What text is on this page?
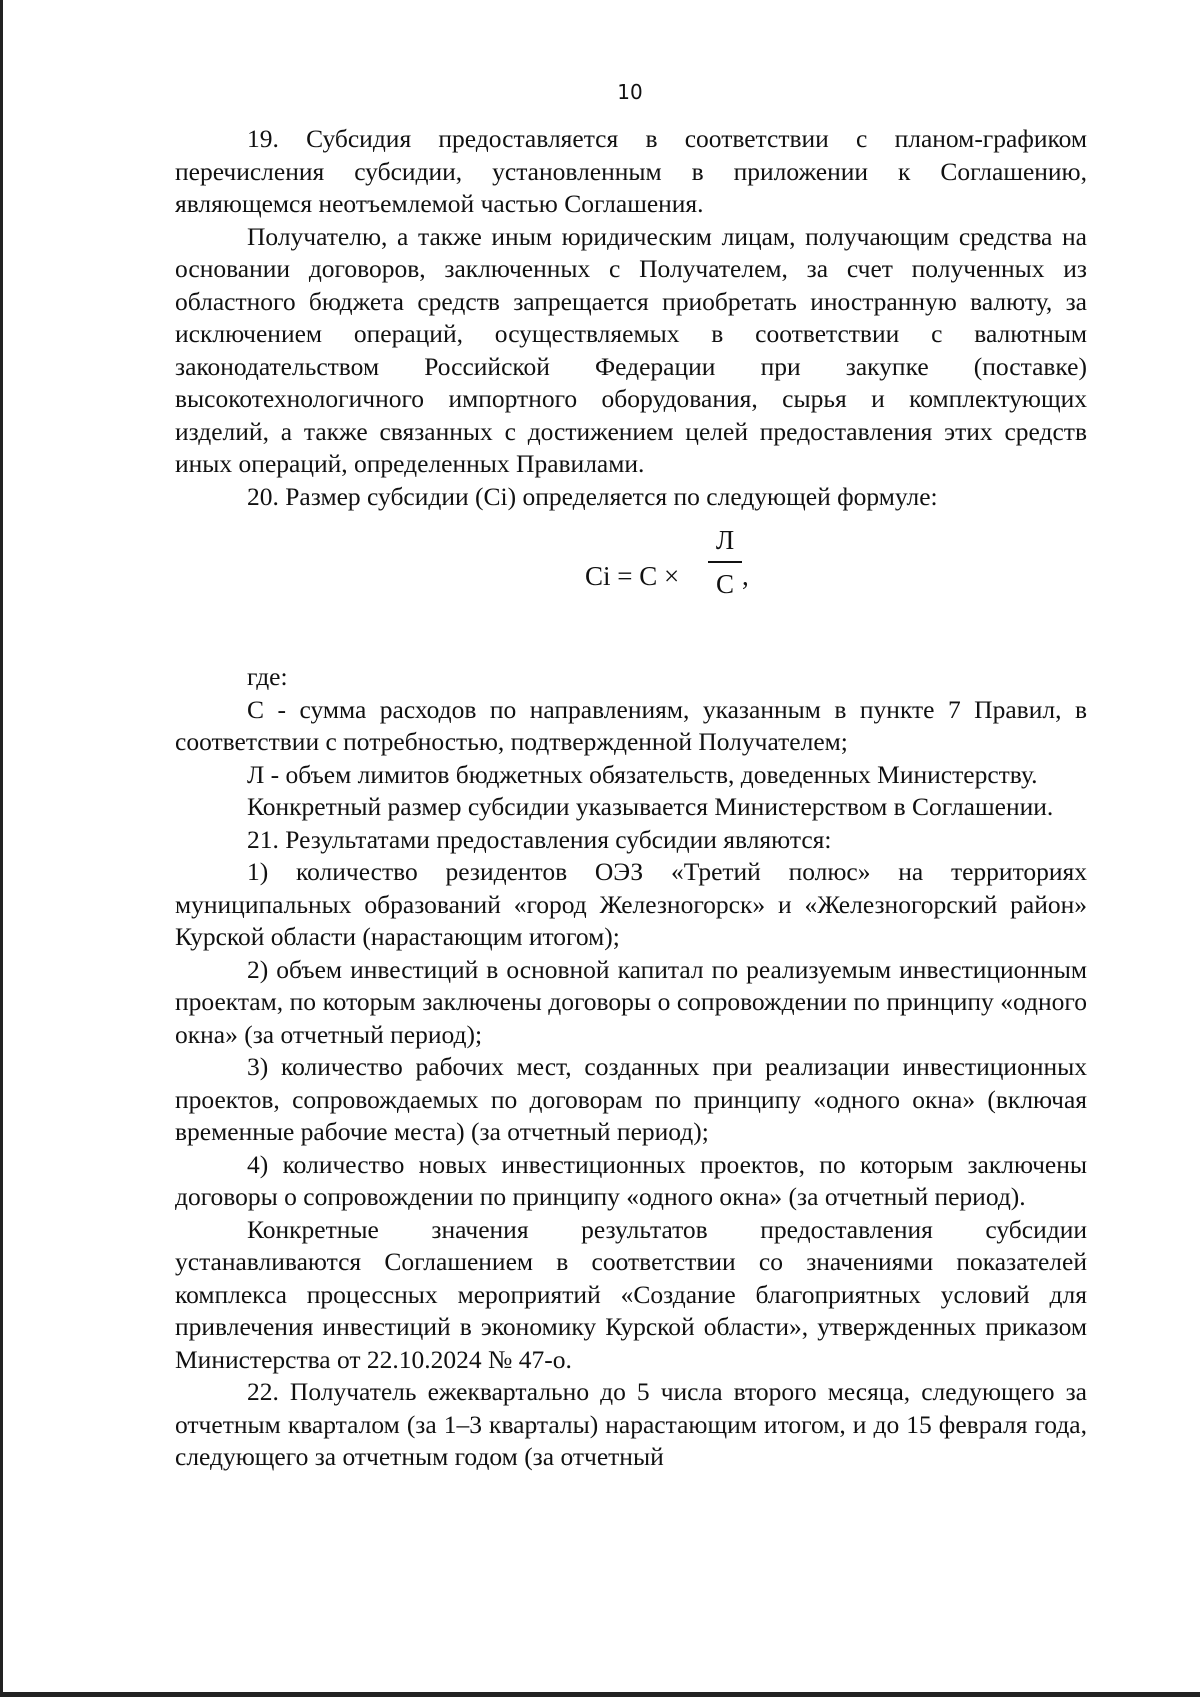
10

19. Субсидия предоставляется в соответствии с планом-графиком перечисления субсидии, установленным в приложении к Соглашению, являющемся неотъемлемой частью Соглашения.

Получателю, а также иным юридическим лицам, получающим средства на основании договоров, заключенных с Получателем, за счет полученных из областного бюджета средств запрещается приобретать иностранную валюту, за исключением операций, осуществляемых в соответствии с валютным законодательством Российской Федерации при закупке (поставке) высокотехнологичного импортного оборудования, сырья и комплектующих изделий, а также связанных с достижением целей предоставления этих средств иных операций, определенных Правилами.

20. Размер субсидии (Ci) определяется по следующей формуле:

Ci = С ×
Л
С ,

где:

С - сумма расходов по направлениям, указанным в пункте 7 Правил, в соответствии с потребностью, подтвержденной Получателем;

Л - объем лимитов бюджетных обязательств, доведенных Министерству.

Конкретный размер субсидии указывается Министерством в Соглашении.

21. Результатами предоставления субсидии являются:

1) количество резидентов ОЭЗ «Третий полюс» на территориях муниципальных образований «город Железногорск» и «Железногорский район» Курской области (нарастающим итогом);

2) объем инвестиций в основной капитал по реализуемым инвестиционным проектам, по которым заключены договоры о сопровождении по принципу «одного окна» (за отчетный период);

3) количество рабочих мест, созданных при реализации инвестиционных проектов, сопровождаемых по договорам по принципу «одного окна» (включая временные рабочие места) (за отчетный период);

4) количество новых инвестиционных проектов, по которым заключены договоры о сопровождении по принципу «одного окна» (за отчетный период).

Конкретные значения результатов предоставления субсидии устанавливаются Соглашением в соответствии со значениями показателей комплекса процессных мероприятий «Создание благоприятных условий для привлечения инвестиций в экономику Курской области», утвержденных приказом Министерства от 22.10.2024 № 47-о.

22. Получатель ежеквартально до 5 числа второго месяца, следующего за отчетным кварталом (за 1–3 кварталы) нарастающим итогом, и до 15 февраля года, следующего за отчетным годом (за отчетный
